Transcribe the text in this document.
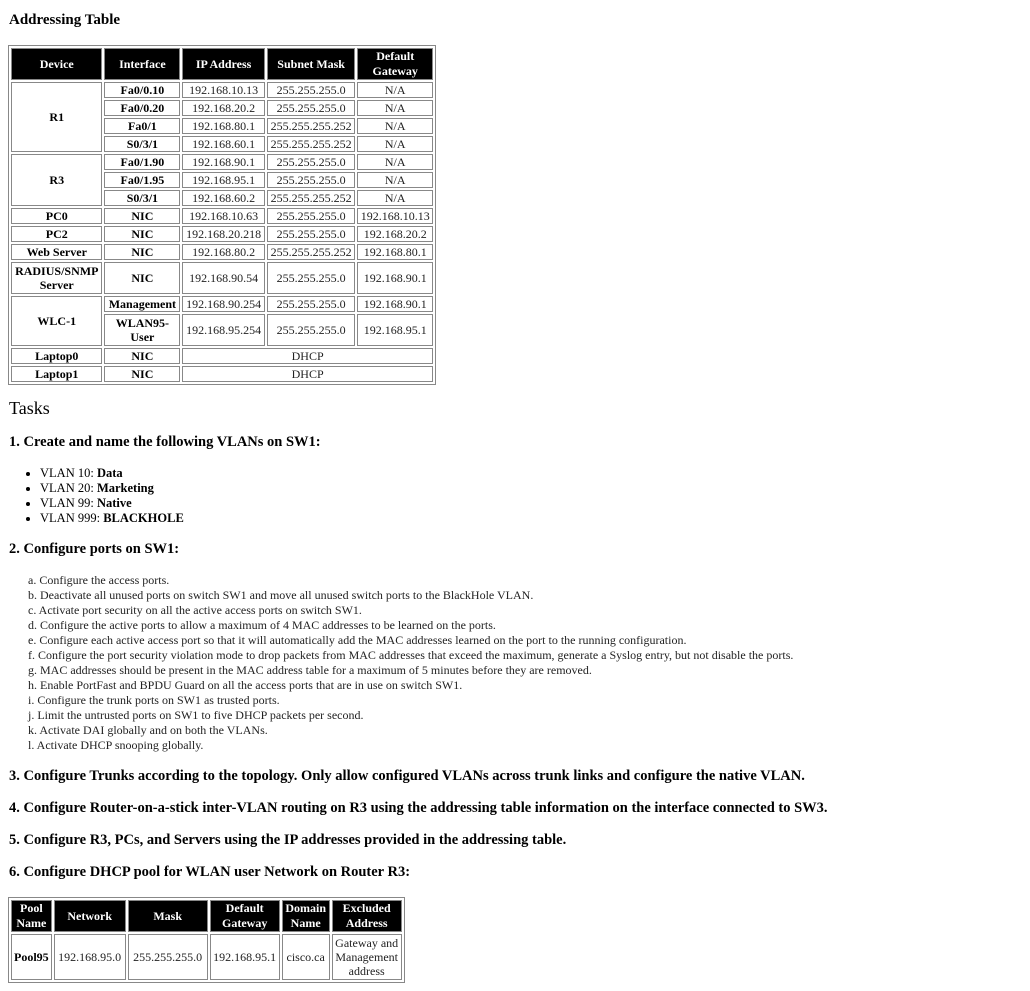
Addressing Table
Device	Interface	IP Address	Subnet Mask	Default Gateway
R1	Fa0/0.10	192.168.10.13	255.255.255.0	N/A
	Fa0/0.20	192.168.20.2	255.255.255.0	N/A
	Fa0/1	192.168.80.1	255.255.255.252	N/A
	S0/3/1	192.168.60.1	255.255.255.252	N/A
R3	Fa0/1.90	192.168.90.1	255.255.255.0	N/A
	Fa0/1.95	192.168.95.1	255.255.255.0	N/A
	S0/3/1	192.168.60.2	255.255.255.252	N/A
PC0	NIC	192.168.10.63	255.255.255.0	192.168.10.13
PC2	NIC	192.168.20.218	255.255.255.0	192.168.20.2
Web Server	NIC	192.168.80.2	255.255.255.252	192.168.80.1
RADIUS/SNMP Server	NIC	192.168.90.54	255.255.255.0	192.168.90.1
WLC-1	Management	192.168.90.254	255.255.255.0	192.168.90.1
	WLAN95-User	192.168.95.254	255.255.255.0	192.168.95.1
Laptop0	NIC	DHCP		
Laptop1	NIC	DHCP		
Tasks
1. Create and name the following VLANs on SW1:
• VLAN 10: Data
• VLAN 20: Marketing
• VLAN 99: Native
• VLAN 999: BLACKHOLE
2. Configure ports on SW1:
a. Configure the access ports.
b. Deactivate all unused ports on switch SW1 and move all unused switch ports to the BlackHole VLAN.
c. Activate port security on all the active access ports on switch SW1.
d. Configure the active ports to allow a maximum of 4 MAC addresses to be learned on the ports.
e. Configure each active access port so that it will automatically add the MAC addresses learned on the port to the running configuration.
f. Configure the port security violation mode to drop packets from MAC addresses that exceed the maximum, generate a Syslog entry, but not disable the ports.
g. MAC addresses should be present in the MAC address table for a maximum of 5 minutes before they are removed.
h. Enable PortFast and BPDU Guard on all the access ports that are in use on switch SW1.
i. Configure the trunk ports on SW1 as trusted ports.
j. Limit the untrusted ports on SW1 to five DHCP packets per second.
k. Activate DAI globally and on both the VLANs.
l. Activate DHCP snooping globally.
3. Configure Trunks according to the topology. Only allow configured VLANs across trunk links and configure the native VLAN.
4. Configure Router-on-a-stick inter-VLAN routing on R3 using the addressing table information on the interface connected to SW3.
5. Configure R3, PCs, and Servers using the IP addresses provided in the addressing table.
6. Configure DHCP pool for WLAN user Network on Router R3:
Pool Name	Network	Mask	Default Gateway	Domain Name	Excluded Address
Pool95	192.168.95.0	255.255.255.0	192.168.95.1	cisco.ca	Gateway and Management address
